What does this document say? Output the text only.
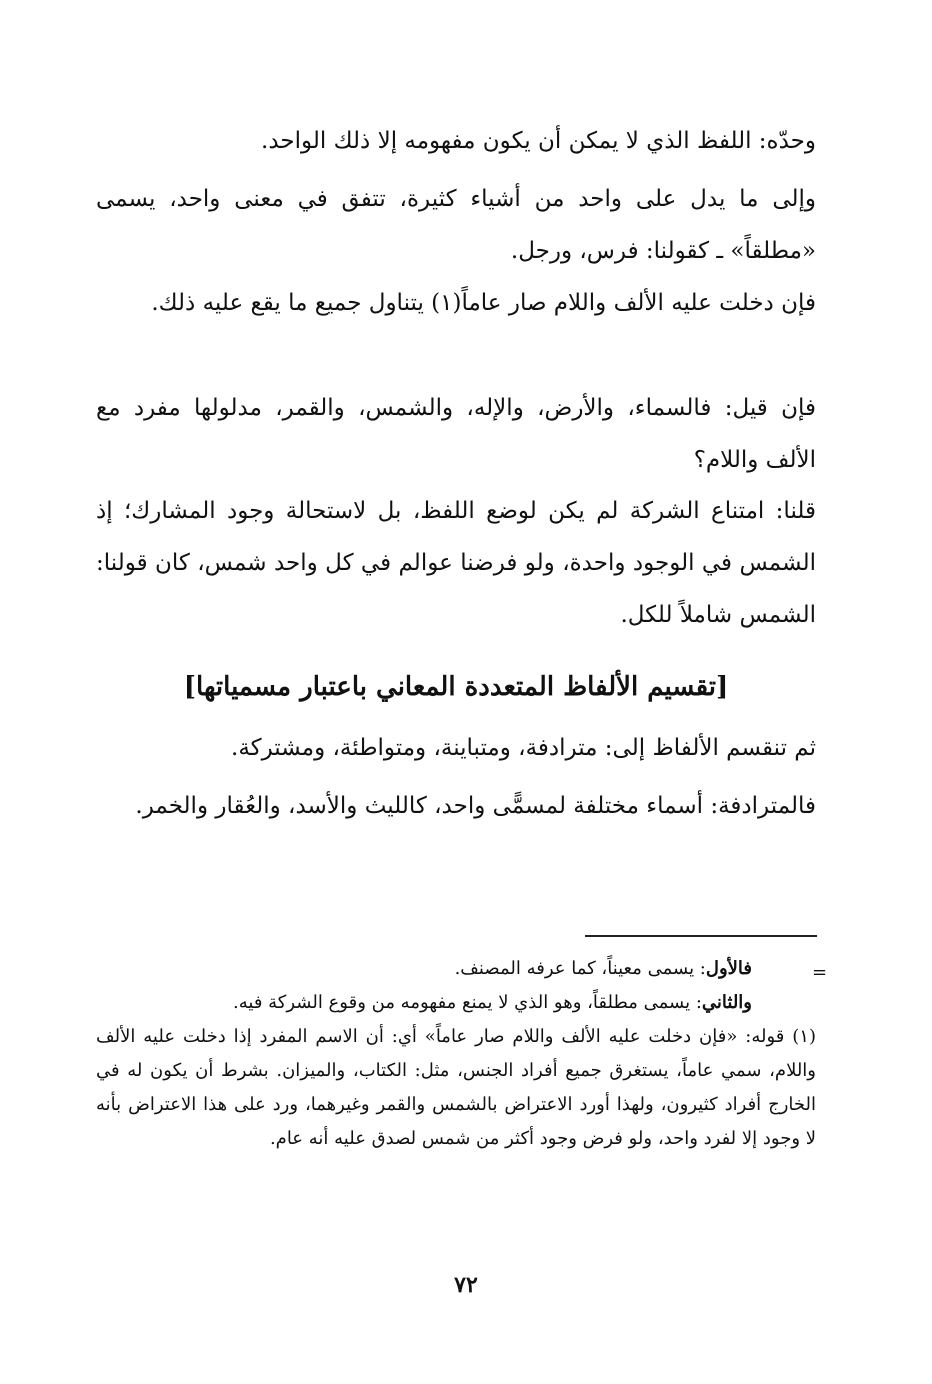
وحدّه: اللفظ الذي لا يمكن أن يكون مفهومه إلا ذلك الواحد.

وإلى ما يدل على واحد من أشياء كثيرة، تتفق في معنى واحد، يسمى «مطلقاً» ـ كقولنا: فرس، ورجل.

فإن دخلت عليه الألف واللام صار عاماً(١) يتناول جميع ما يقع عليه ذلك.

فإن قيل: فالسماء، والأرض، والإله، والشمس، والقمر، مدلولها مفرد مع الألف واللام؟

قلنا: امتناع الشركة لم يكن لوضع اللفظ، بل لاستحالة وجود المشارك؛ إذ الشمس في الوجود واحدة، ولو فرضنا عوالم في كل واحد شمس، كان قولنا: الشمس شاملاً للكل.

[تقسيم الألفاظ المتعددة المعاني باعتبار مسمياتها]

ثم تنقسم الألفاظ إلى: مترادفة، ومتباينة، ومتواطئة، ومشتركة.

فالمترادفة: أسماء مختلفة لمسمًّى واحد، كالليث والأسد، والعُقار والخمر.

=

فالأول: يسمى معيناً، كما عرفه المصنف.

والثاني: يسمى مطلقاً، وهو الذي لا يمنع مفهومه من وقوع الشركة فيه.

(١) قوله: «فإن دخلت عليه الألف واللام صار عاماً» أي: أن الاسم المفرد إذا دخلت عليه الألف واللام، سمي عاماً، يستغرق جميع أفراد الجنس، مثل: الكتاب، والميزان. بشرط أن يكون له في الخارج أفراد كثيرون، ولهذا أورد الاعتراض بالشمس والقمر وغيرهما، ورد على هذا الاعتراض بأنه لا وجود إلا لفرد واحد، ولو فرض وجود أكثر من شمس لصدق عليه أنه عام.

٧٢
